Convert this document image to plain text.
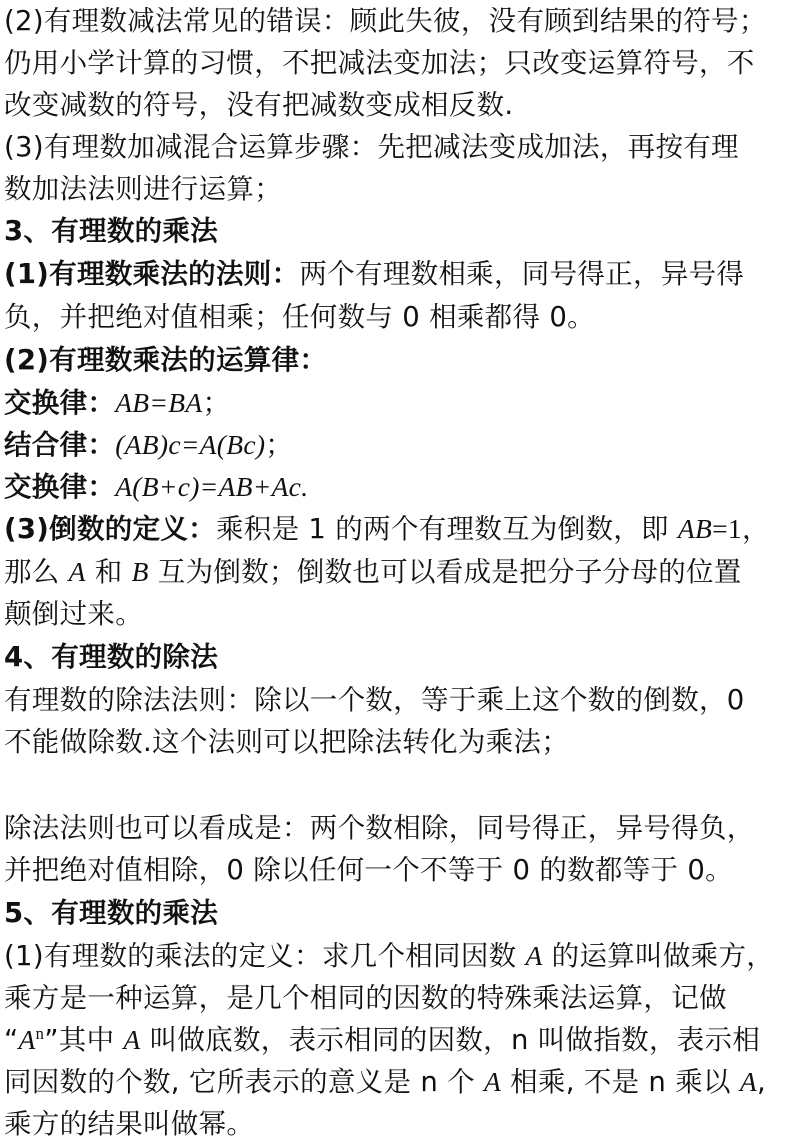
(2)有理数减法常见的错误：顾此失彼，没有顾到结果的符号；
仍用小学计算的习惯，不把减法变加法；只改变运算符号，不
改变减数的符号，没有把减数变成相反数.
(3)有理数加减混合运算步骤：先把减法变成加法，再按有理
数加法法则进行运算；
3、有理数的乘法
(1)有理数乘法的法则：两个有理数相乘，同号得正，异号得
负，并把绝对值相乘；任何数与 0 相乘都得 0。
(2)有理数乘法的运算律：
交换律：AB=BA；
结合律：(AB)c=A(Bc)；
交换律：A(B+c)=AB+Ac.
(3)倒数的定义：乘积是 1 的两个有理数互为倒数，即 AB=1，
那么 A 和 B 互为倒数；倒数也可以看成是把分子分母的位置
颠倒过来。
4、有理数的除法
有理数的除法法则：除以一个数，等于乘上这个数的倒数，0
不能做除数.这个法则可以把除法转化为乘法；
除法法则也可以看成是：两个数相除，同号得正，异号得负，
并把绝对值相除，0 除以任何一个不等于 0 的数都等于 0。
5、有理数的乘法
(1)有理数的乘法的定义：求几个相同因数 A 的运算叫做乘方，
乘方是一种运算，是几个相同的因数的特殊乘法运算，记做
“$A^n$”其中 A 叫做底数，表示相同的因数，n 叫做指数，表示相
同因数的个数, 它所表示的意义是 n 个 A 相乘, 不是 n 乘以 A,
乘方的结果叫做幂。
